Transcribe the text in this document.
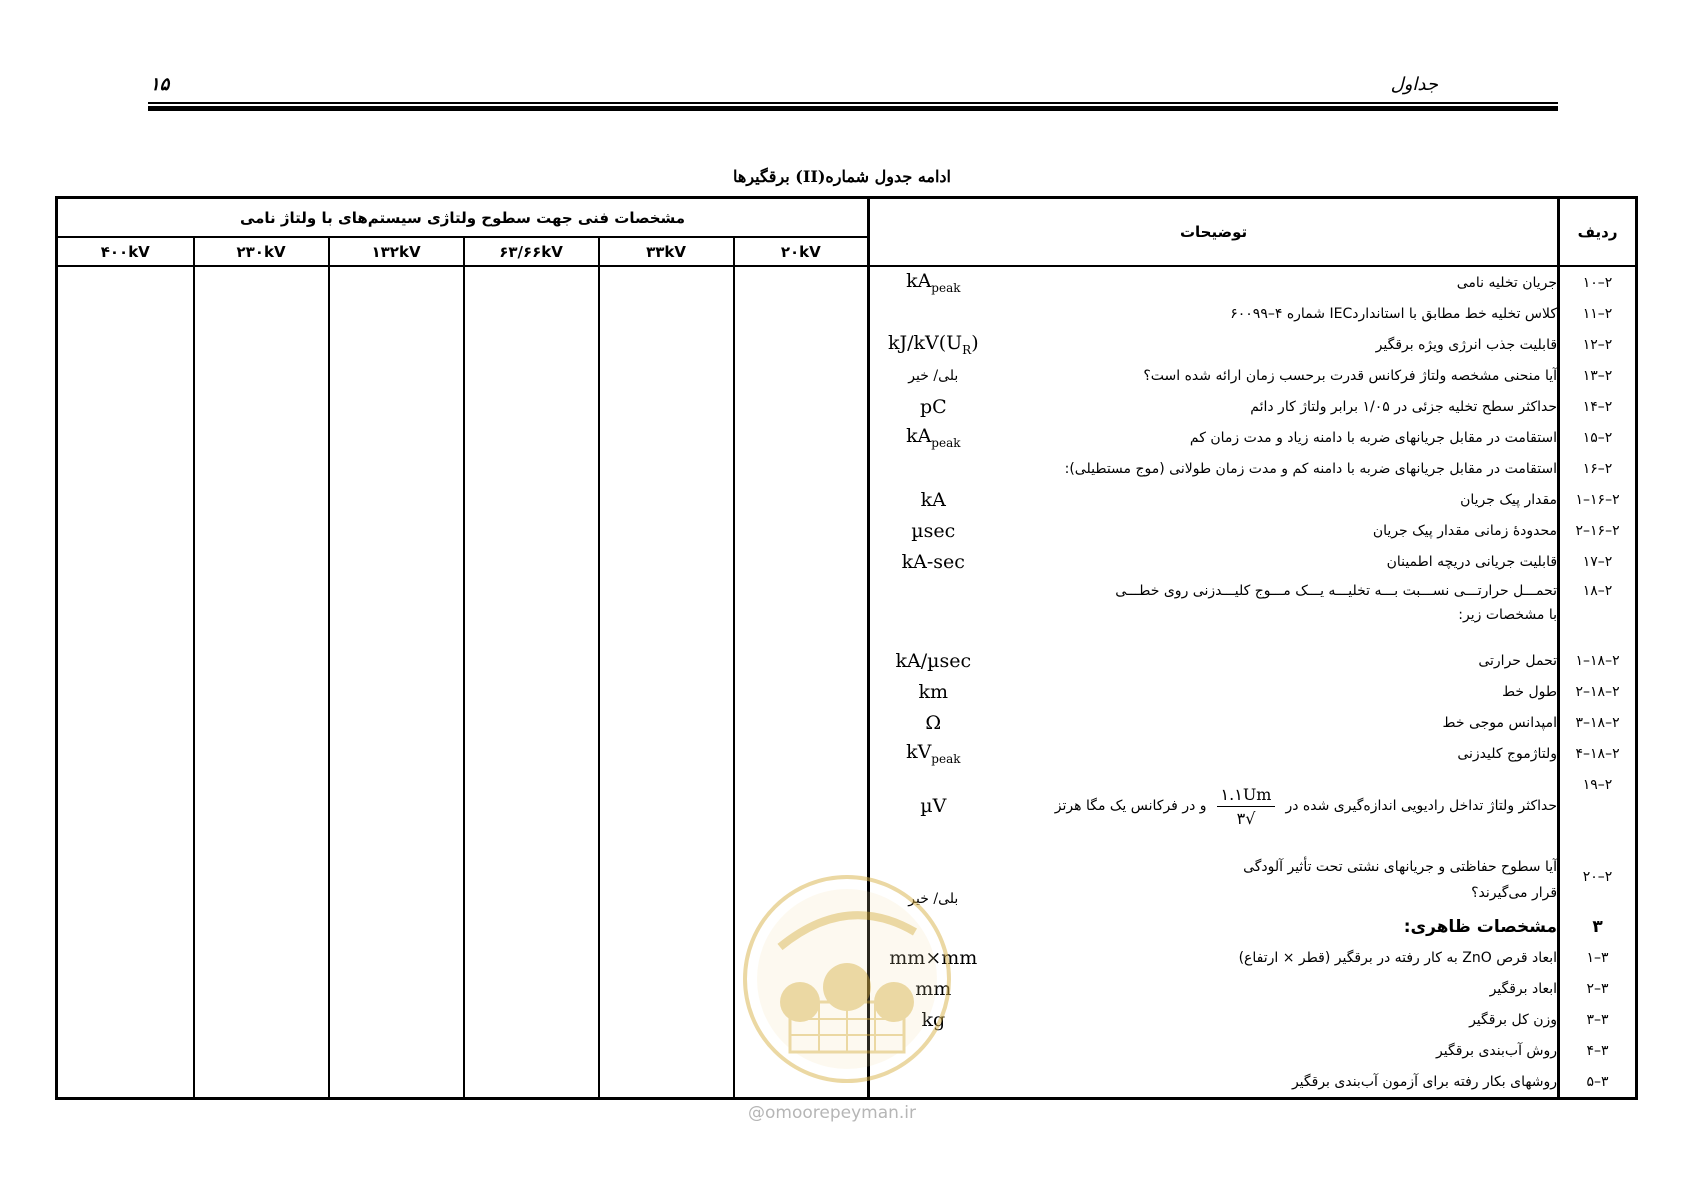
۱۵	جداول
ادامه جدول شماره(II) برقگیرها
ردیف	توضیحات		مشخصات فنی جهت سطوح ولتاژی سیستم‌های با ولتاژ نامی					
			۲۰kV	۳۳kV	۶۳/۶۶kV	۱۳۲kV	۲۳۰kV	۴۰۰kV
۲–۱۰	جریان تخلیه نامی	$kA_{peak}$						
۲–۱۱	کلاس تخلیه خط مطابق با استانداردIEC شماره ۴–۶۰۰۹۹							
۲–۱۲	قابلیت جذب انرژی ویژه برقگیر	$kJ/kV(U_R)$						
۲–۱۳	آیا منحنی مشخصه ولتاژ فرکانس قدرت برحسب زمان ارائه شده است؟	بلی/ خیر						
۲–۱۴	حداکثر سطح تخلیه جزئی در ۱/۰۵ برابر ولتاژ کار دائم	pC						
۲–۱۵	استقامت در مقابل جریانهای ضربه با دامنه زیاد و مدت زمان کم	$kA_{peak}$
۲–۱۶	استقامت در مقابل جریانهای ضربه با دامنه کم و مدت زمان طولانی (موج مستطیلی):							
۲–۱۶–۱	مقدار پیک جریان	kA						
۲–۱۶–۲	محدودهٔ زمانی مقدار پیک جریان	µsec						
۲–۱۷	قابلیت جریانی دریچه اطمینان	kA-sec						
۲–۱۸	تحمـــل حرارتـــی نســـبت بـــه تخلیـــه یـــک مـــوج کلیـــدزنی روی خطـــی
با مشخصات زیر:							

۲–۱۸–۱	تحمل حرارتی	kA/µsec						
۲–۱۸–۲	طول خط	km						
۲–۱۸–۳	امپدانس موجی خط	Ω						
۲–۱۸–۴	ولتاژموج کلیدزنی	$kV_{peak}$
۲–۱۹	حداکثر ولتاژ تداخل رادیویی اندازه‌گیری شده در
$\frac{۱.۱Um}{√۳}$
و در فرکانس یک مگا هرتز	µV						
۲–۲۰	آیا سطوح حفاظتی و جریانهای نشتی تحت تأثیر آلودگی
قرار می‌گیرند؟	بلی/ خیر						
۳	مشخصات ظاهری:							
۳–۱	ابعاد قرص ZnO به کار رفته در برقگیر (قطر × ارتفاع)	mm×mm						
۳–۲	ابعاد برقگیر	mm						
۳–۳	وزن کل برقگیر	kg						
۳–۴	روش آب‌بندی برقگیر							
۳–۵	روشهای بکار رفته برای آزمون آب‌بندی برقگیر							
@omoorepeyman.ir
